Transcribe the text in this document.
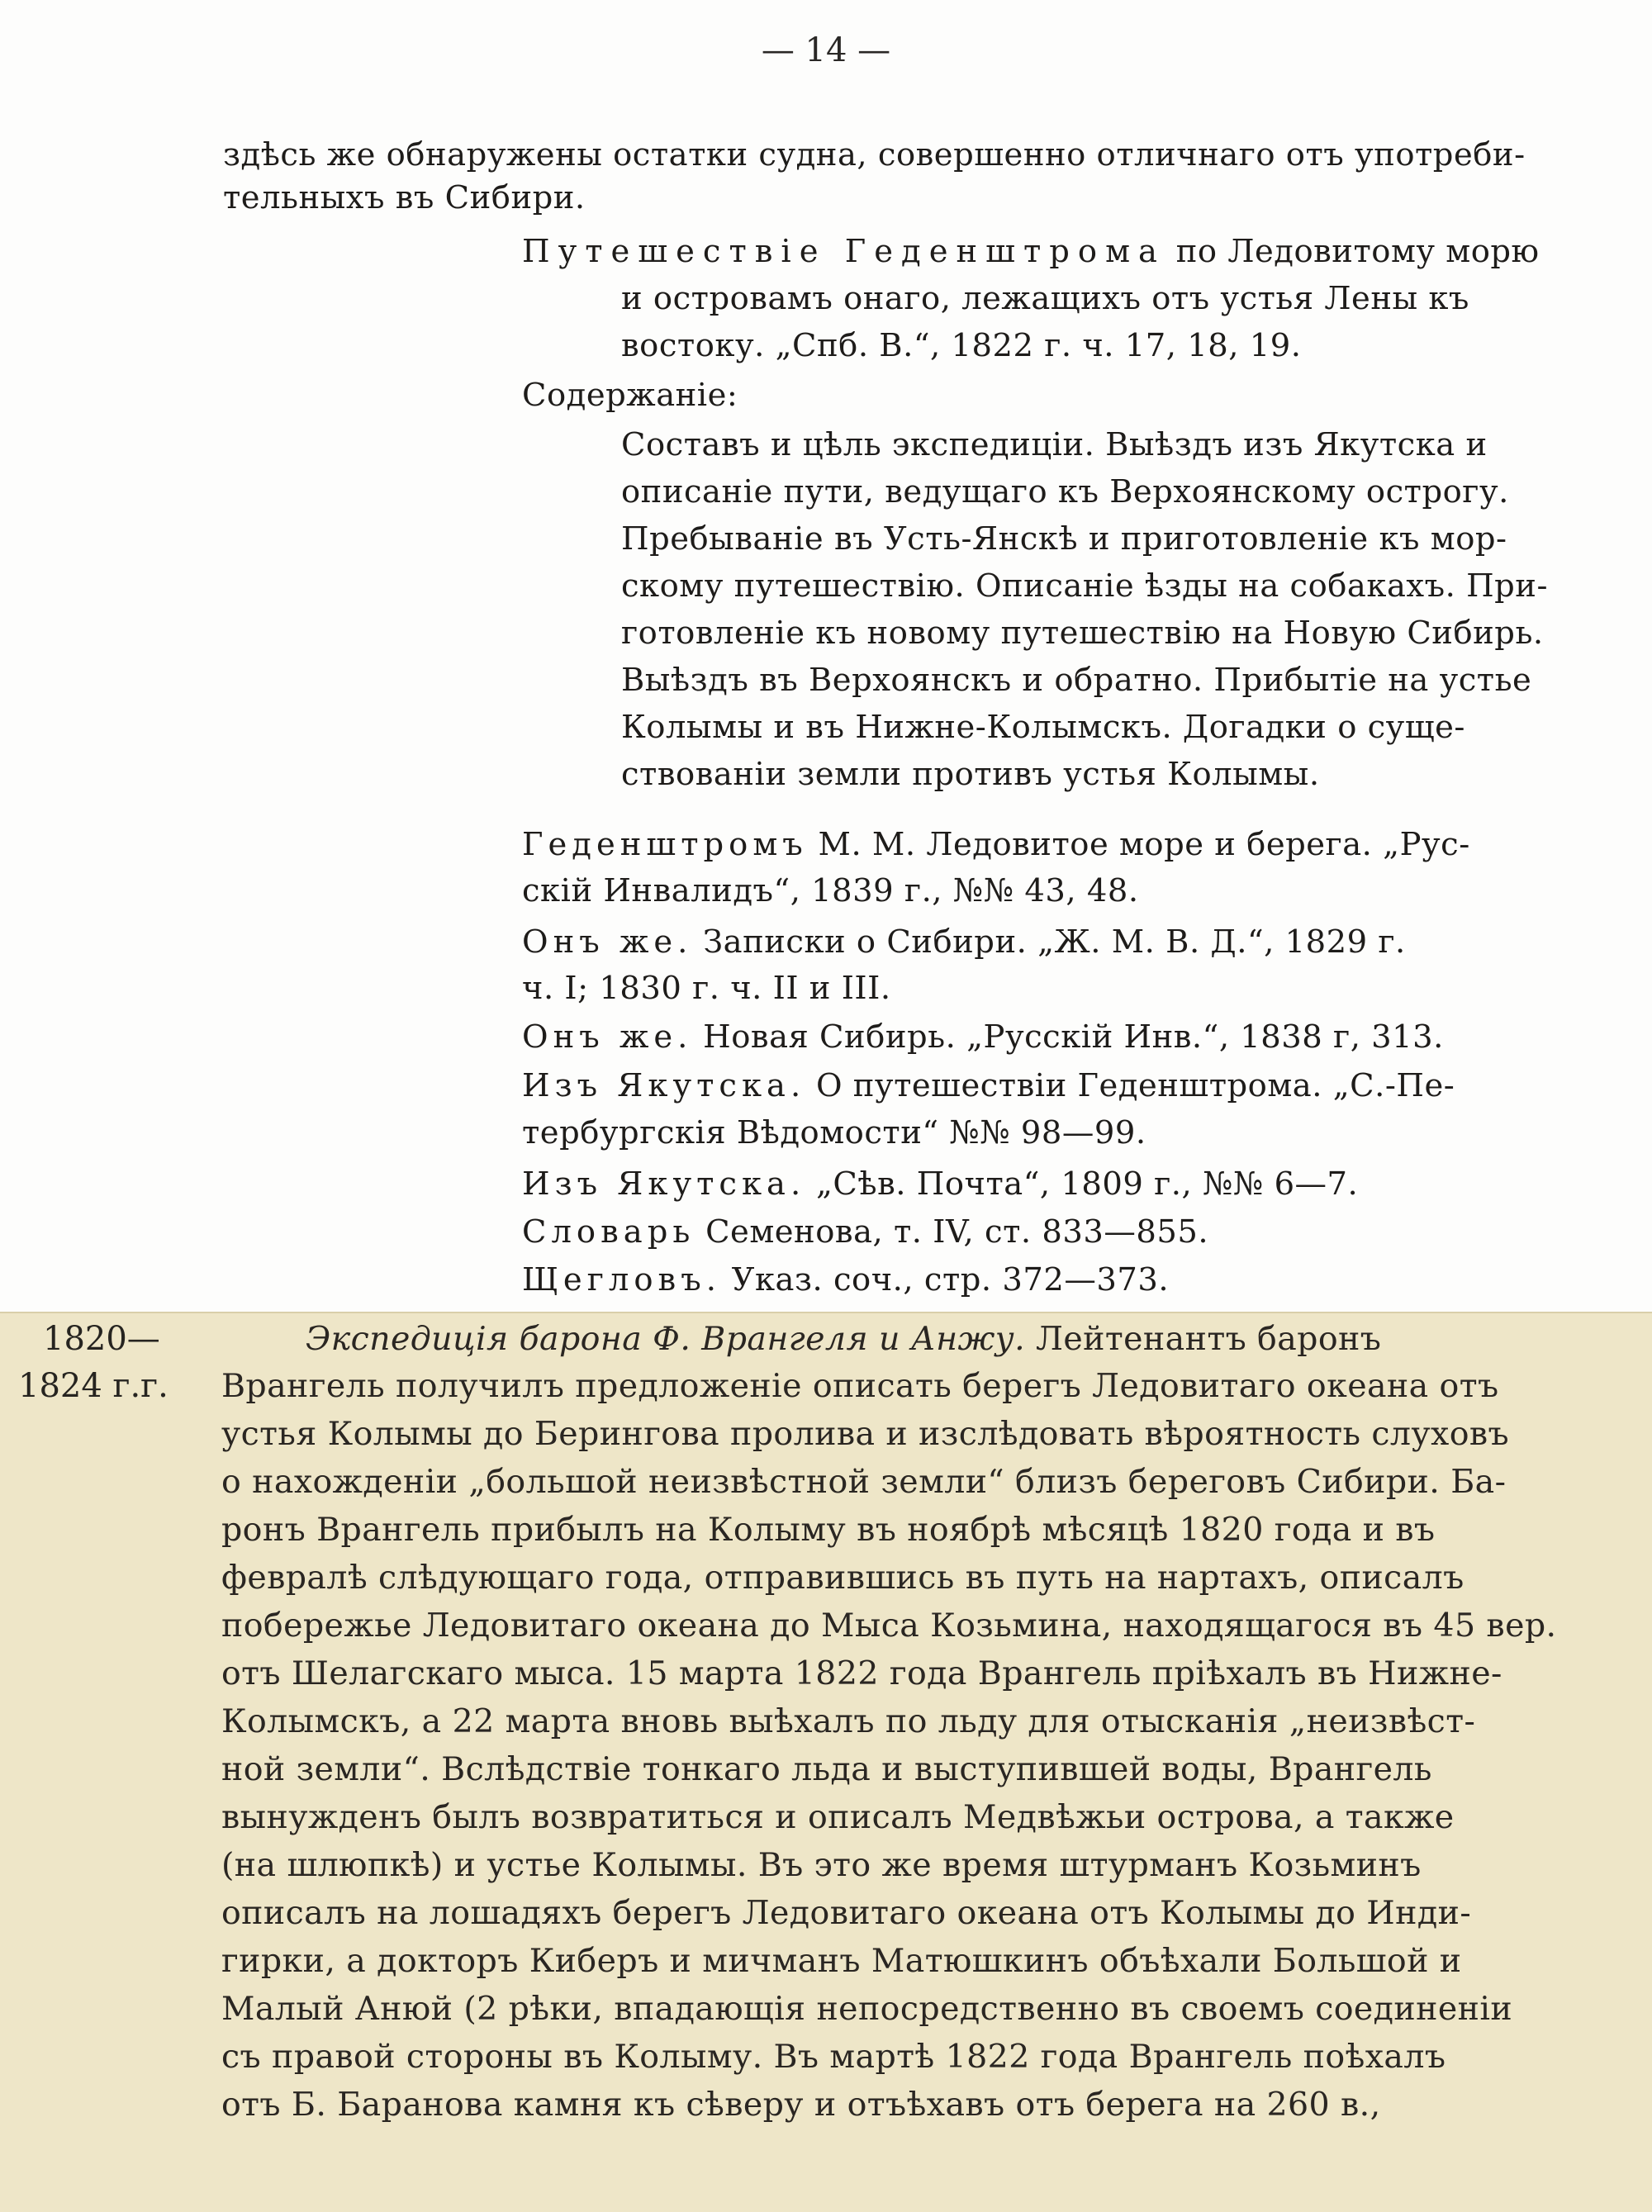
— 14 —
здѣсь же обнаружены остатки судна, совершенно отличнаго отъ употреби-
тельныхъ въ Сибири.
Путешествіе Геденштрома по Ледовитому морю
и островамъ онаго, лежащихъ отъ устья Лены къ
востоку. „Спб. В.“, 1822 г. ч. 17, 18, 19.
Содержаніе:
Составъ и цѣль экспедиціи. Выѣздъ изъ Якутска и
описаніе пути, ведущаго къ Верхоянскому острогу.
Пребываніе въ Усть-Янскѣ и приготовленіе къ мор-
скому путешествію. Описаніе ѣзды на собакахъ. При-
готовленіе къ новому путешествію на Новую Сибирь.
Выѣздъ въ Верхоянскъ и обратно. Прибытіе на устье
Колымы и въ Нижне-Колымскъ. Догадки о суще-
ствованіи земли противъ устья Колымы.
Геденштромъ М. М. Ледовитое море и берега. „Рус-
скій Инвалидъ“, 1839 г., №№ 43, 48.
Онъ же. Записки о Сибири. „Ж. М. В. Д.“, 1829 г.
ч. I; 1830 г. ч. II и III.
Онъ же. Новая Сибирь. „Русскій Инв.“, 1838 г, 313.
Изъ Якутска. О путешествіи Геденштрома. „С.-Пе-
тербургскія Вѣдомости“ №№ 98—99.
Изъ Якутска. „Сѣв. Почта“, 1809 г., №№ 6—7.
Словарь Семенова, т. IV, ст. 833—855.
Щегловъ. Указ. соч., стр. 372—373.
1820—
1824 г.г.
Экспедиція барона Ф. Врангеля и Анжу. Лейтенантъ баронъ
Врангель получилъ предложеніе описать берегъ Ледовитаго океана отъ
устья Колымы до Берингова пролива и изслѣдовать вѣроятность слуховъ
о нахожденіи „большой неизвѣстной земли“ близъ береговъ Сибири. Ба-
ронъ Врангель прибылъ на Колыму въ ноябрѣ мѣсяцѣ 1820 года и въ
февралѣ слѣдующаго года, отправившись въ путь на нартахъ, описалъ
побережье Ледовитаго океана до Мыса Козьмина, находящагося въ 45 вер.
отъ Шелагскаго мыса. 15 марта 1822 года Врангель пріѣхалъ въ Нижне-
Колымскъ, а 22 марта вновь выѣхалъ по льду для отысканія „неизвѣст-
ной земли“. Вслѣдствіе тонкаго льда и выступившей воды, Врангель
вынужденъ былъ возвратиться и описалъ Медвѣжьи острова, а также
(на шлюпкѣ) и устье Колымы. Въ это же время штурманъ Козьминъ
описалъ на лошадяхъ берегъ Ледовитаго океана отъ Колымы до Инди-
гирки, а докторъ Киберъ и мичманъ Матюшкинъ объѣхали Большой и
Малый Анюй (2 рѣки, впадающія непосредственно въ своемъ соединеніи
съ правой стороны въ Колыму. Въ мартѣ 1822 года Врангель поѣхалъ
отъ Б. Баранова камня къ сѣверу и отъѣхавъ отъ берега на 260 в.,
